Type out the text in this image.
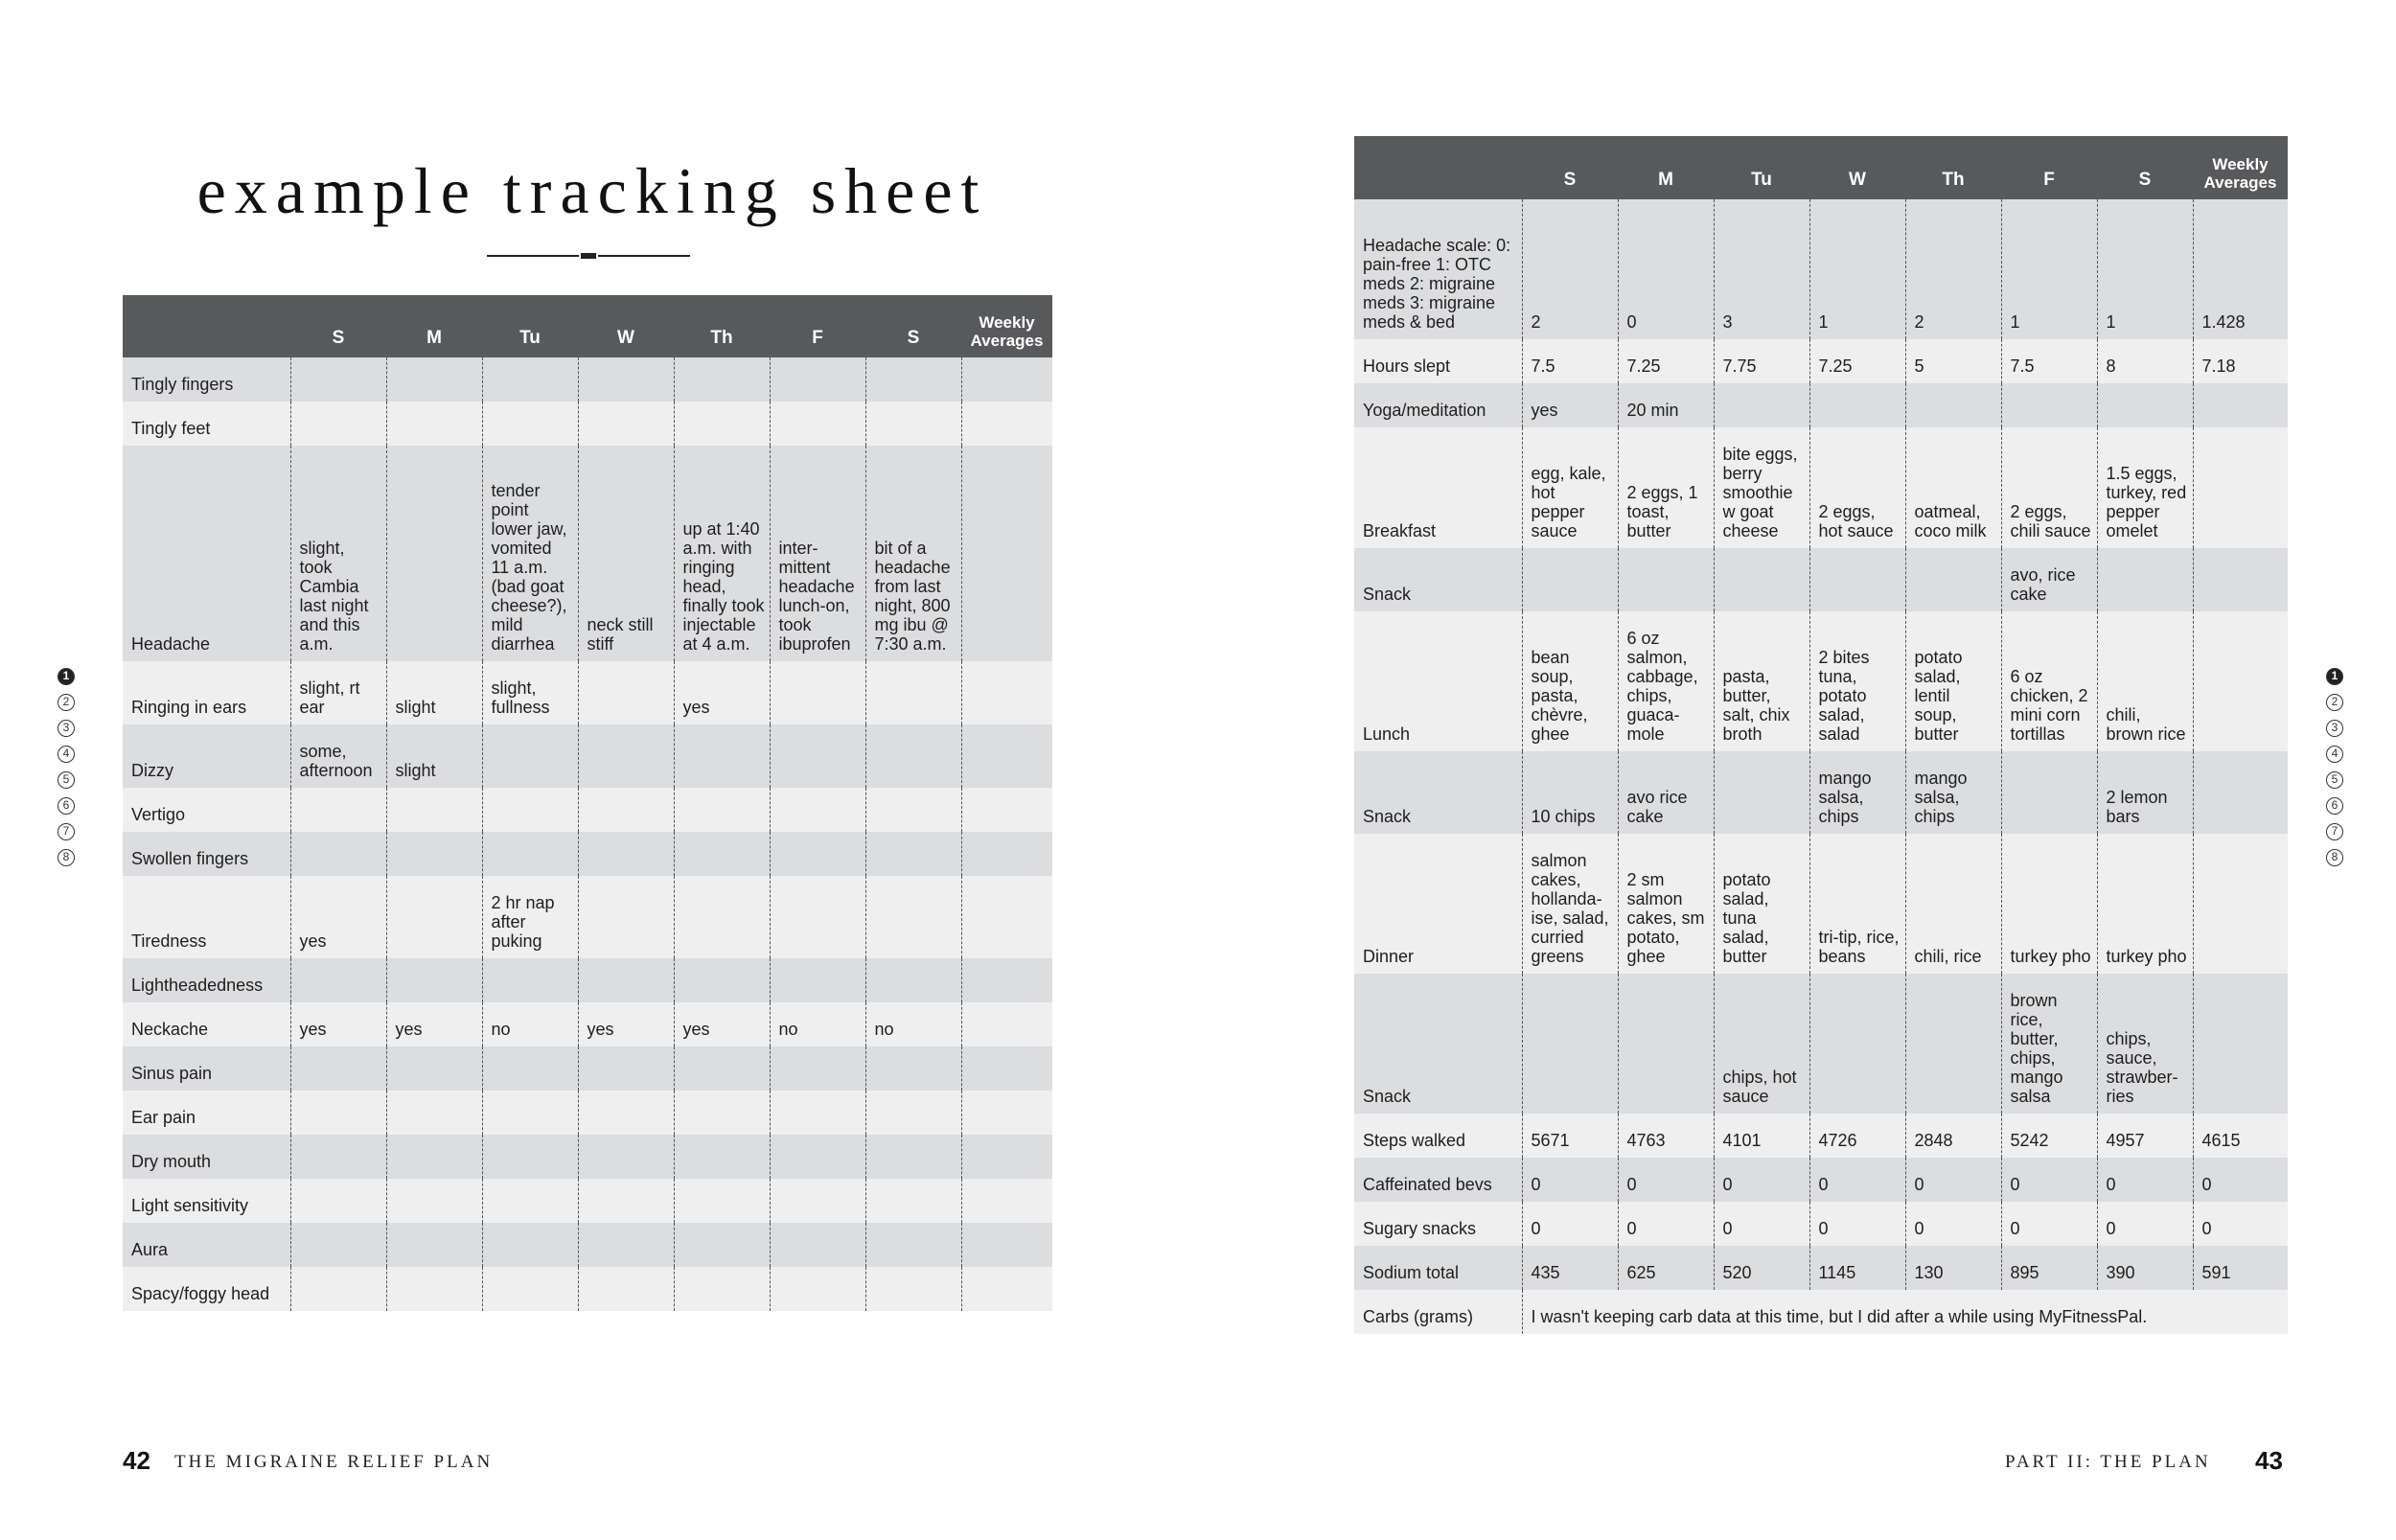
example tracking sheet
	S	M	Tu	W	Th	F	S	Weekly Averages
Tingly fingers								
Tingly feet								
Headache	slight, took Cambia last night and this a.m.		tender point lower jaw, vomited 11 a.m. (bad goat cheese?), mild diarrhea	neck still stiff	up at 1:40 a.m. with ringing head, finally took injectable at 4 a.m.	inter-mittent headache lunch-on, took ibuprofen	bit of a headache from last night, 800 mg ibu @ 7:30 a.m.	
Ringing in ears	slight, rt ear	slight	slight, fullness		yes			
Dizzy	some, afternoon	slight						
Vertigo								
Swollen fingers								
Tiredness	yes		2 hr nap after puking					
Lightheadedness								
Neckache	yes	yes	no	yes	yes	no	no	
Sinus pain								
Ear pain								
Dry mouth								
Light sensitivity								
Aura								
Spacy/foggy head								
1
2
3
4
5
6
7
8
42 THE MIGRAINE RELIEF PLAN
	S	M	Tu	W	Th	F	S	Weekly Averages
Headache scale: 0: pain-free 1: OTC meds 2: migraine meds 3: migraine meds & bed	2	0	3	1	2	1	1	1.428
Hours slept	7.5	7.25	7.75	7.25	5	7.5	8	7.18
Yoga/meditation	yes	20 min						
Breakfast	egg, kale, hot pepper sauce	2 eggs, 1 toast, butter	bite eggs, berry smoothie w goat cheese	2 eggs, hot sauce	oatmeal, coco milk	2 eggs, chili sauce	1.5 eggs, turkey, red pepper omelet	
Snack						avo, rice cake		
Lunch	bean soup, pasta, chèvre, ghee	6 oz salmon, cabbage, chips, guaca-mole	pasta, butter, salt, chix broth	2 bites tuna, potato salad, salad	potato salad, lentil soup, butter	6 oz chicken, 2 mini corn tortillas	chili, brown rice	
Snack	10 chips	avo rice cake		mango salsa, chips	mango salsa, chips		2 lemon bars	
Dinner	salmon cakes, hollanda-ise, salad, curried greens	2 sm salmon cakes, sm potato, ghee	potato salad, tuna salad, butter	tri-tip, rice, beans	chili, rice	turkey pho	turkey pho	
Snack			chips, hot sauce			brown rice, butter, chips, mango salsa	chips, sauce, strawber-ries	
Steps walked	5671	4763	4101	4726	2848	5242	4957	4615
Caffeinated bevs	0	0	0	0	0	0	0	0
Sugary snacks	0	0	0	0	0	0	0	0
Sodium total	435	625	520	1145	130	895	390	591
Carbs (grams)	I wasn't keeping carb data at this time, but I did after a while using MyFitnessPal.							
1
2
3
4
5
6
7
8
PART II: THE PLAN 43
